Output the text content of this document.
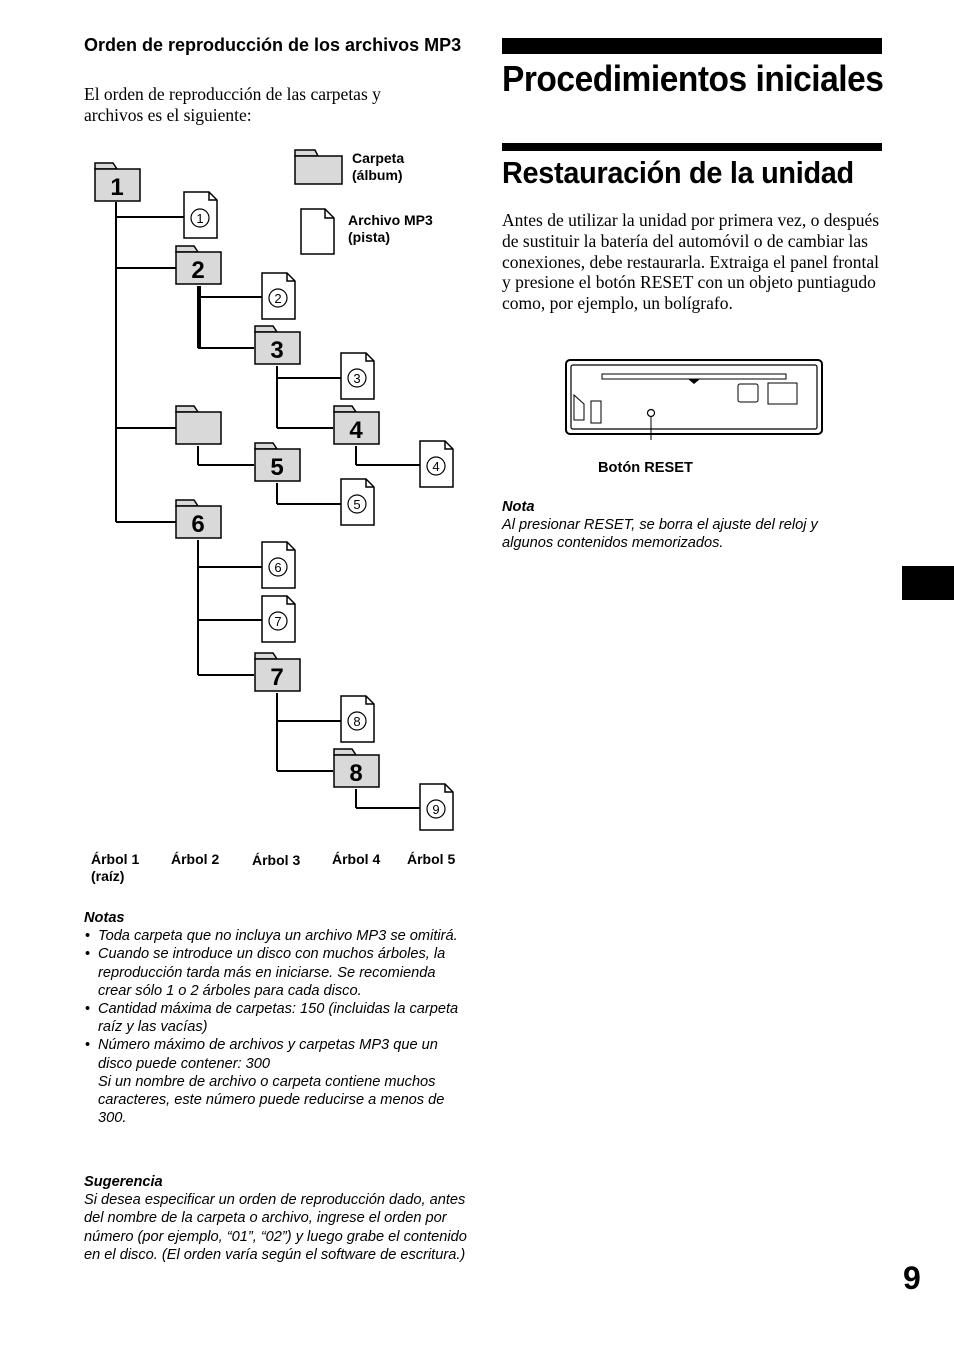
Orden de reproducción de los archivos MP3
El orden de reproducción de las carpetas y archivos es el siguiente:
Carpeta
(álbum)
Archivo MP3
(pista)
1
2
3
4
5
6
7
8
1
2
3
4
5
6
7
8
9
Árbol 1
(raíz)
Árbol 2 Árbol 3 Árbol 4 Árbol 5
Notas
• Toda carpeta que no incluya un archivo MP3 se omitirá.
• Cuando se introduce un disco con muchos árboles, la reproducción tarda más en iniciarse. Se recomienda crear sólo 1 o 2 árboles para cada disco.
• Cantidad máxima de carpetas: 150 (incluidas la carpeta raíz y las vacías)
• Número máximo de archivos y carpetas MP3 que un disco puede contener: 300
Si un nombre de archivo o carpeta contiene muchos caracteres, este número puede reducirse a menos de 300.
Sugerencia
Si desea especificar un orden de reproducción dado, antes del nombre de la carpeta o archivo, ingrese el orden por número (por ejemplo, “01”, “02”) y luego grabe el contenido en el disco. (El orden varía según el software de escritura.)
Procedimientos iniciales
Restauración de la unidad
Antes de utilizar la unidad por primera vez, o después de sustituir la batería del automóvil o de cambiar las conexiones, debe restaurarla. Extraiga el panel frontal y presione el botón RESET con un objeto puntiagudo como, por ejemplo, un bolígrafo.
Botón RESET
Nota
Al presionar RESET, se borra el ajuste del reloj y algunos contenidos memorizados.
9
